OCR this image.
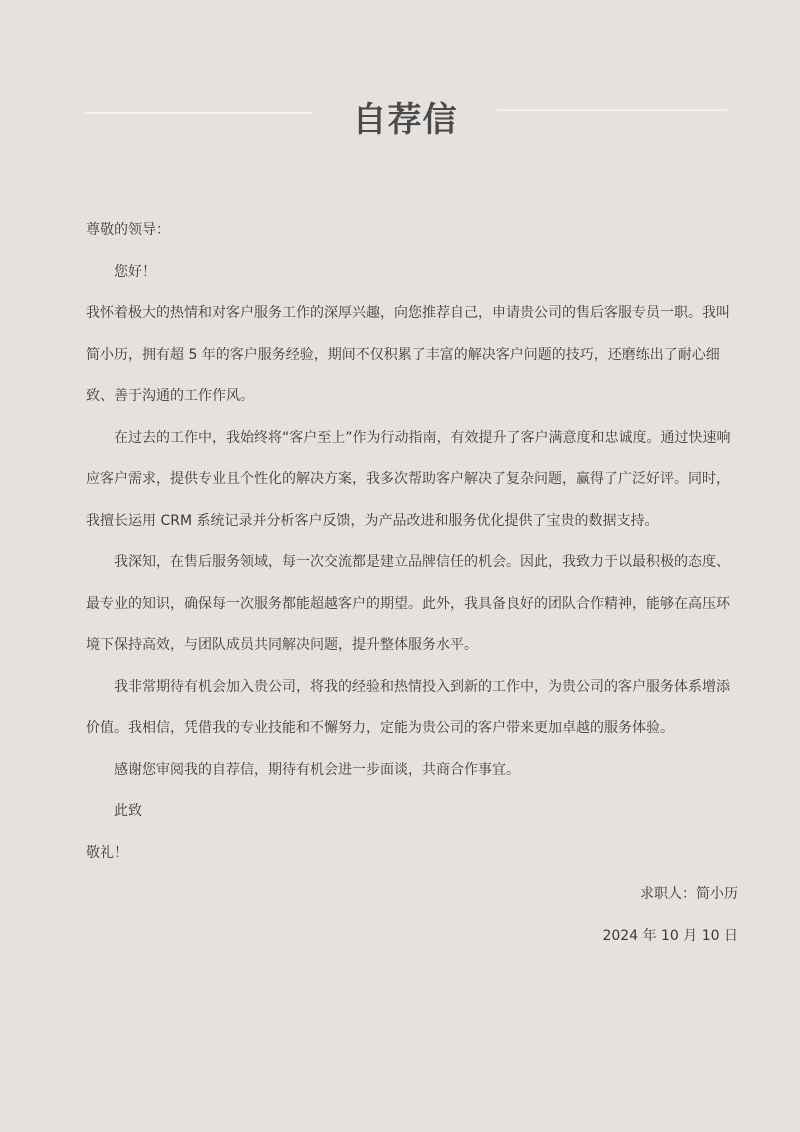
自荐信

尊敬的领导：

您好！

我怀着极大的热情和对客户服务工作的深厚兴趣，向您推荐自己，申请贵公司的售后客服专员一职。我叫简小历，拥有超 5 年的客户服务经验，期间不仅积累了丰富的解决客户问题的技巧，还磨练出了耐心细致、善于沟通的工作作风。

在过去的工作中，我始终将“客户至上”作为行动指南，有效提升了客户满意度和忠诚度。通过快速响应客户需求，提供专业且个性化的解决方案，我多次帮助客户解决了复杂问题，赢得了广泛好评。同时，我擅长运用 CRM 系统记录并分析客户反馈，为产品改进和服务优化提供了宝贵的数据支持。

我深知，在售后服务领域，每一次交流都是建立品牌信任的机会。因此，我致力于以最积极的态度、最专业的知识，确保每一次服务都能超越客户的期望。此外，我具备良好的团队合作精神，能够在高压环境下保持高效，与团队成员共同解决问题，提升整体服务水平。

我非常期待有机会加入贵公司，将我的经验和热情投入到新的工作中，为贵公司的客户服务体系增添价值。我相信，凭借我的专业技能和不懈努力，定能为贵公司的客户带来更加卓越的服务体验。

感谢您审阅我的自荐信，期待有机会进一步面谈，共商合作事宜。

此致

敬礼！

求职人：简小历

2024 年 10 月 10 日
